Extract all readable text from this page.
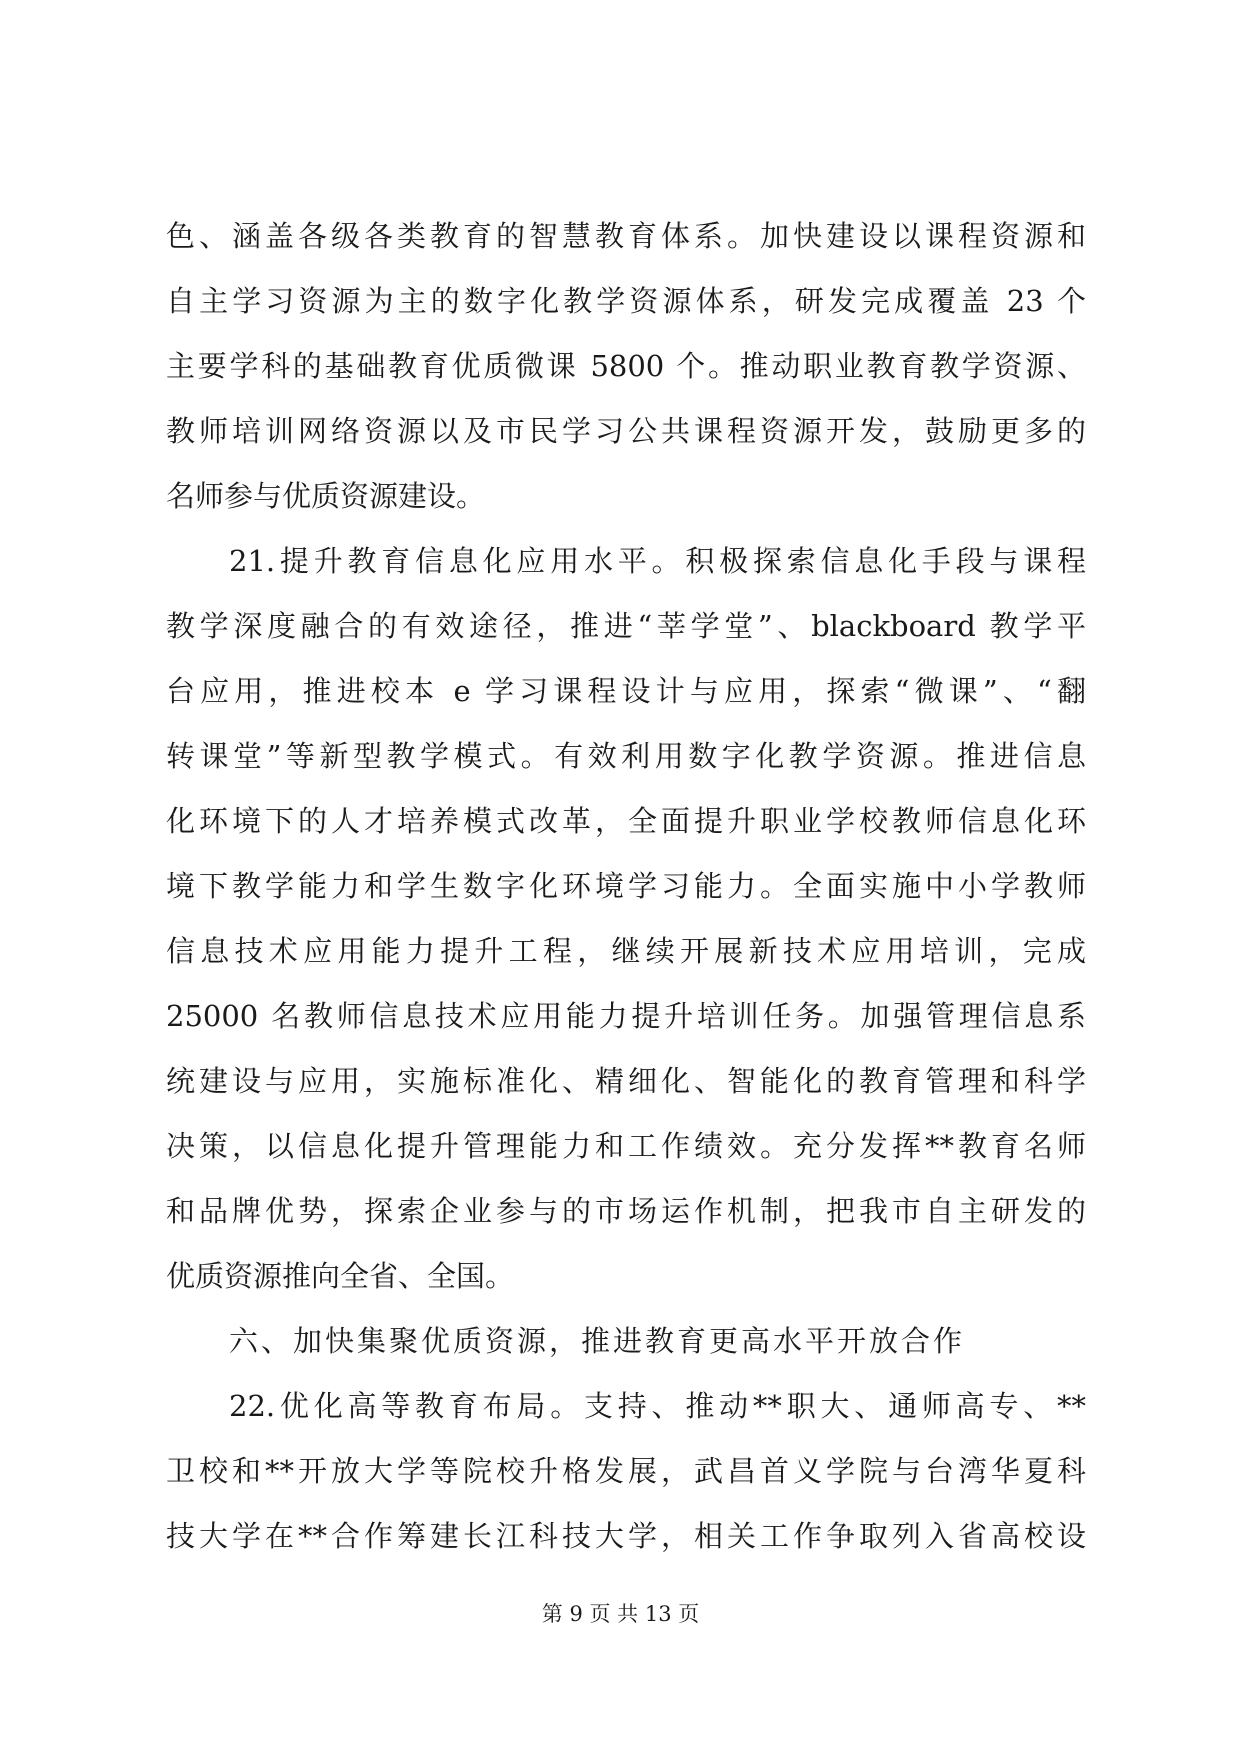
色、涵盖各级各类教育的智慧教育体系。加快建设以课程资源和
自主学习资源为主的数字化教学资源体系，研发完成覆盖 23 个
主要学科的基础教育优质微课 5800 个。推动职业教育教学资源、
教师培训网络资源以及市民学习公共课程资源开发，鼓励更多的
名师参与优质资源建设。
21.提升教育信息化应用水平。积极探索信息化手段与课程
教学深度融合的有效途径，推进“莘学堂”、blackboard 教学平
台应用，推进校本 e 学习课程设计与应用，探索“微课”、“翻
转课堂”等新型教学模式。有效利用数字化教学资源。推进信息
化环境下的人才培养模式改革，全面提升职业学校教师信息化环
境下教学能力和学生数字化环境学习能力。全面实施中小学教师
信息技术应用能力提升工程，继续开展新技术应用培训，完成
25000 名教师信息技术应用能力提升培训任务。加强管理信息系
统建设与应用，实施标准化、精细化、智能化的教育管理和科学
决策，以信息化提升管理能力和工作绩效。充分发挥**教育名师
和品牌优势，探索企业参与的市场运作机制，把我市自主研发的
优质资源推向全省、全国。
六、加快集聚优质资源，推进教育更高水平开放合作
22.优化高等教育布局。支持、推动**职大、通师高专、**
卫校和**开放大学等院校升格发展，武昌首义学院与台湾华夏科
技大学在**合作筹建长江科技大学，相关工作争取列入省高校设
第 9 页 共 13 页
